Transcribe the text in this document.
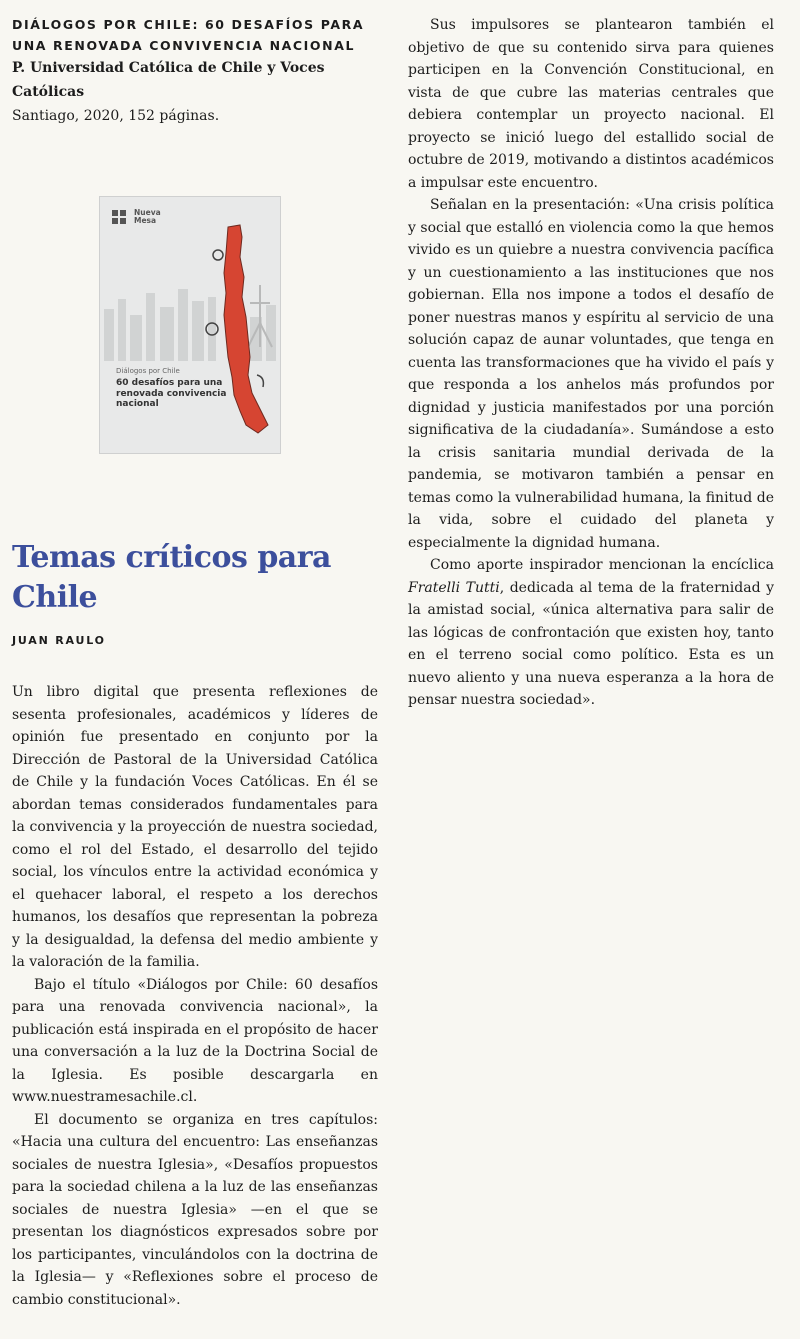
DIÁLOGOS POR CHILE: 60 DESAFÍOS PARA UNA RENOVADA CONVIVENCIA NACIONAL

P. Universidad Católica de Chile y Voces Católicas

Santiago, 2020, 152 páginas.

Nueva
Mesa
Diálogos por Chile
60 desafíos para una renovada convivencia nacional
Temas críticos para Chile

JUAN RAULO

Un libro digital que presenta reflexiones de sesenta profesionales, académicos y líderes de opinión fue presentado en conjunto por la Dirección de Pastoral de la Universidad Católica de Chile y la fundación Voces Católicas. En él se abordan temas considerados fundamentales para la convivencia y la proyección de nuestra sociedad, como el rol del Estado, el desarrollo del tejido social, los vínculos entre la actividad económica y el quehacer laboral, el respeto a los derechos humanos, los desafíos que representan la pobreza y la desigualdad, la defensa del medio ambiente y la valoración de la familia.

Bajo el título «Diálogos por Chile: 60 desafíos para una renovada convivencia nacional», la publicación está inspirada en el propósito de hacer una conversación a la luz de la Doctrina Social de la Iglesia. Es posible descargarla en www.nuestramesachile.cl.

El documento se organiza en tres capítulos: «Hacia una cultura del encuentro: Las enseñanzas sociales de nuestra Iglesia», «Desafíos propuestos para la sociedad chilena a la luz de las enseñanzas sociales de nuestra Iglesia» —en el que se presentan los diagnósticos expresados sobre por los participantes, vinculándolos con la doctrina de la Iglesia— y «Reflexiones sobre el proceso de cambio constitucional».

Sus impulsores se plantearon también el objetivo de que su contenido sirva para quienes participen en la Convención Constitucional, en vista de que cubre las materias centrales que debiera contemplar un proyecto nacional. El proyecto se inició luego del estallido social de octubre de 2019, motivando a distintos académicos a impulsar este encuentro.

Señalan en la presentación: «Una crisis política y social que estalló en violencia como la que hemos vivido es un quiebre a nuestra convivencia pacífica y un cuestionamiento a las instituciones que nos gobiernan. Ella nos impone a todos el desafío de poner nuestras manos y espíritu al servicio de una solución capaz de aunar voluntades, que tenga en cuenta las transformaciones que ha vivido el país y que responda a los anhelos más profundos por dignidad y justicia manifestados por una porción significativa de la ciudadanía». Sumándose a esto la crisis sanitaria mundial derivada de la pandemia, se motivaron también a pensar en temas como la vulnerabilidad humana, la finitud de la vida, sobre el cuidado del planeta y especialmente la dignidad humana.

Como aporte inspirador mencionan la encíclica Fratelli Tutti, dedicada al tema de la fraternidad y la amistad social, «única alternativa para salir de las lógicas de confrontación que existen hoy, tanto en el terreno social como político. Esta es un nuevo aliento y una nueva esperanza a la hora de pensar nuestra sociedad».
